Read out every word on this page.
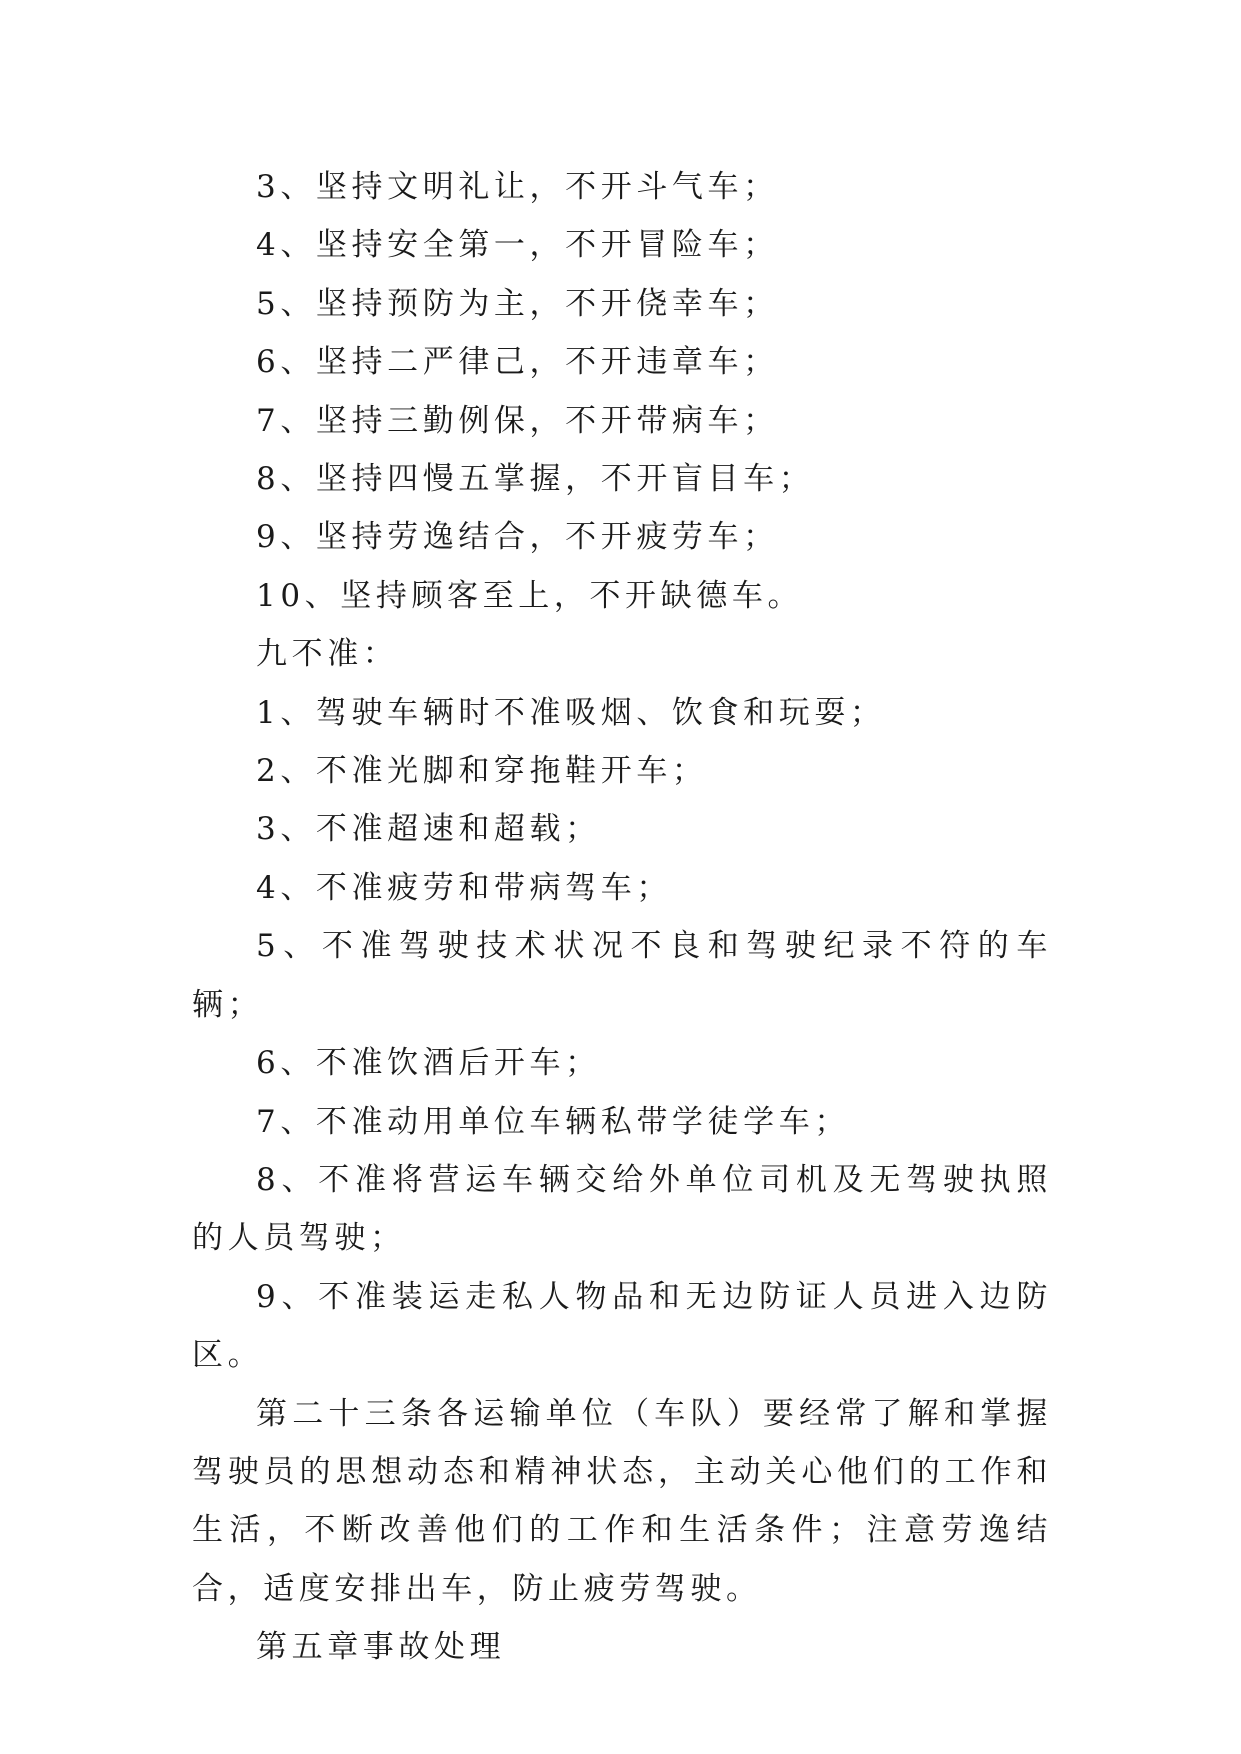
3、坚持文明礼让，不开斗气车；

4、坚持安全第一，不开冒险车；

5、坚持预防为主，不开侥幸车；

6、坚持二严律己，不开违章车；

7、坚持三勤例保，不开带病车；

8、坚持四慢五掌握，不开盲目车；

9、坚持劳逸结合，不开疲劳车；

10、坚持顾客至上，不开缺德车。

九不准：

1、驾驶车辆时不准吸烟、饮食和玩耍；

2、不准光脚和穿拖鞋开车；

3、不准超速和超载；

4、不准疲劳和带病驾车；

5、不准驾驶技术状况不良和驾驶纪录不符的车辆；

6、不准饮酒后开车；

7、不准动用单位车辆私带学徒学车；

8、不准将营运车辆交给外单位司机及无驾驶执照的人员驾驶；

9、不准装运走私人物品和无边防证人员进入边防区。

第二十三条各运输单位（车队）要经常了解和掌握驾驶员的思想动态和精神状态，主动关心他们的工作和生活，不断改善他们的工作和生活条件；注意劳逸结合，适度安排出车，防止疲劳驾驶。

第五章事故处理
